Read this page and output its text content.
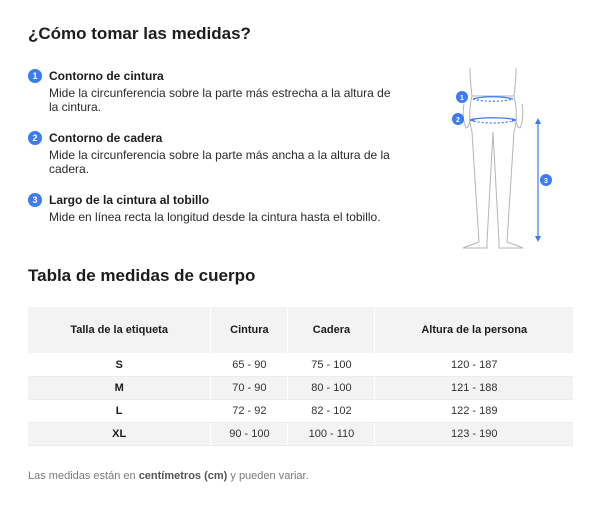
¿Cómo tomar las medidas?
1 Contorno de cintura
Mide la circunferencia sobre la parte más estrecha a la altura de la cintura.
2 Contorno de cadera
Mide la circunferencia sobre la parte más ancha a la altura de la cadera.
3 Largo de la cintura al tobillo
Mide en línea recta la longitud desde la cintura hasta el tobillo.
1
2
3
Tabla de medidas de cuerpo
Talla de la etiqueta	Cintura	Cadera	Altura de la persona
S	65 - 90	75 - 100	120 - 187
M	70 - 90	80 - 100	121 - 188
L	72 - 92	82 - 102	122 - 189
XL	90 - 100	100 - 110	123 - 190
Las medidas están en centímetros (cm) y pueden variar.
